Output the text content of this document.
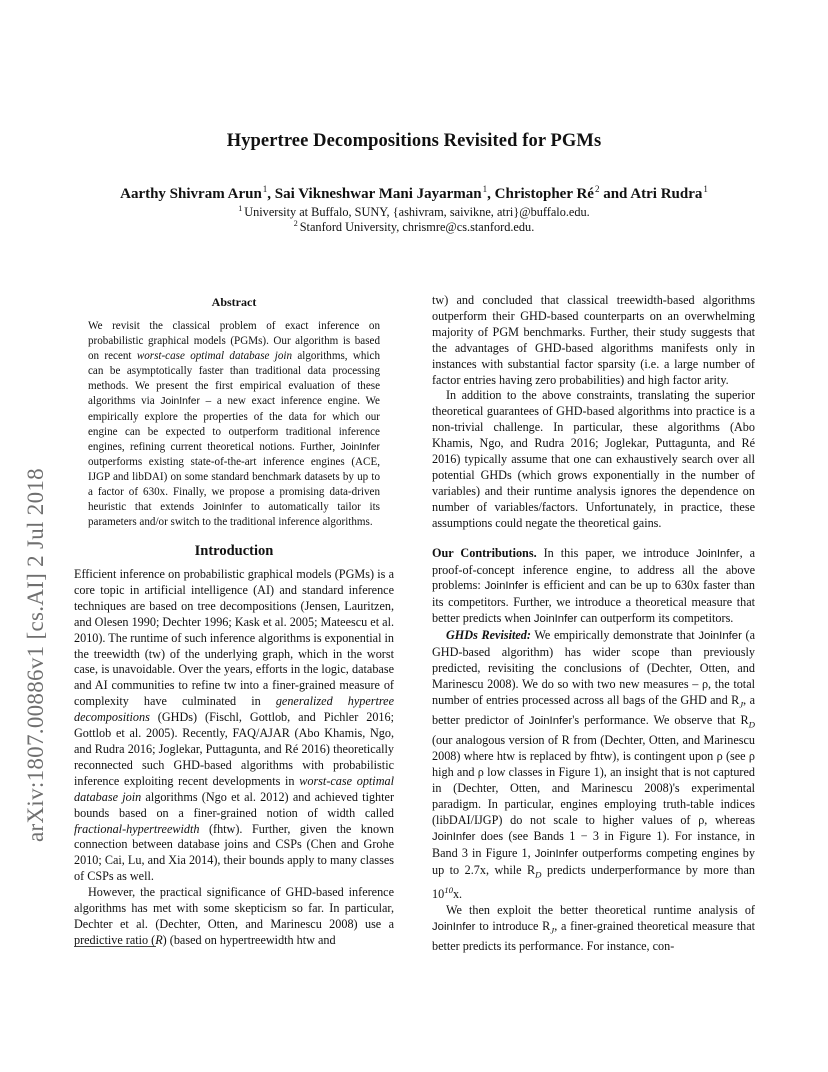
arXiv:1807.00886v1 [cs.AI] 2 Jul 2018
Hypertree Decompositions Revisited for PGMs
Aarthy Shivram Arun$^1$, Sai Vikneshwar Mani Jayarman$^1$, Christopher $Ré^2$ and Atri Rudra$^1$
$^1$ University at Buffalo, SUNY, {ashivram, saivikne, atri}@buffalo.edu.
$^2$ Stanford University, chrismre@cs.stanford.edu.
Abstract
We revisit the classical problem of exact inference on probabilistic graphical models (PGMs). Our algorithm is based on recent worst-case optimal database join algorithms, which can be asymptotically faster than traditional data processing methods. We present the first empirical evaluation of these algorithms via JoinInfer – a new exact inference engine. We empirically explore the properties of the data for which our engine can be expected to outperform traditional inference engines, refining current theoretical notions. Further, JoinInfer outperforms existing state-of-the-art inference engines (ACE, IJGP and libDAI) on some standard benchmark datasets by up to a factor of 630x. Finally, we propose a promising data-driven heuristic that extends JoinInfer to automatically tailor its parameters and/or switch to the traditional inference algorithms.
Introduction

Efficient inference on probabilistic graphical models (PGMs) is a core topic in artificial intelligence (AI) and standard inference techniques are based on tree decompositions (Jensen, Lauritzen, and Olesen 1990; Dechter 1996; Kask et al. 2005; Mateescu et al. 2010). The runtime of such inference algorithms is exponential in the treewidth (tw) of the underlying graph, which in the worst case, is unavoidable. Over the years, efforts in the logic, database and AI communities to refine tw into a finer-grained measure of complexity have culminated in generalized hypertree decompositions (GHDs) (Fischl, Gottlob, and Pichler 2016; Gottlob et al. 2005). Recently, FAQ/AJAR (Abo Khamis, Ngo, and Rudra 2016; Joglekar, Puttagunta, and Ré 2016) theoretically reconnected such GHD-based algorithms with probabilistic inference exploiting recent developments in worst-case optimal database join algorithms (Ngo et al. 2012) and achieved tighter bounds based on a finer-grained notion of width called fractional-hypertreewidth (fhtw). Further, given the known connection between database joins and CSPs (Chen and Grohe 2010; Cai, Lu, and Xia 2014), their bounds apply to many classes of CSPs as well.

However, the practical significance of GHD-based inference algorithms has met with some skepticism so far. In particular, Dechter et al. (Dechter, Otten, and Marinescu 2008) use a predictive ratio (R) (based on hypertreewidth htw and

tw) and concluded that classical treewidth-based algorithms outperform their GHD-based counterparts on an overwhelming majority of PGM benchmarks. Further, their study suggests that the advantages of GHD-based algorithms manifests only in instances with substantial factor sparsity (i.e. a large number of factor entries having zero probabilities) and high factor arity.

In addition to the above constraints, translating the superior theoretical guarantees of GHD-based algorithms into practice is a non-trivial challenge. In particular, these algorithms (Abo Khamis, Ngo, and Rudra 2016; Joglekar, Puttagunta, and Ré 2016) typically assume that one can exhaustively search over all potential GHDs (which grows exponentially in the number of variables) and their runtime analysis ignores the dependence on number of variables/factors. Unfortunately, in practice, these assumptions could negate the theoretical gains.

Our Contributions. In this paper, we introduce JoinInfer, a proof-of-concept inference engine, to address all the above problems: JoinInfer is efficient and can be up to 630x faster than its competitors. Further, we introduce a theoretical measure that better predicts when JoinInfer can outperform its competitors.

GHDs Revisited: We empirically demonstrate that JoinInfer (a GHD-based algorithm) has wider scope than previously predicted, revisiting the conclusions of (Dechter, Otten, and Marinescu 2008). We do so with two new measures – ρ, the total number of entries processed across all bags of the GHD and $R_J$, a better predictor of JoinInfer's performance. We observe that $R_D$ (our analogous version of R from (Dechter, Otten, and Marinescu 2008) where htw is replaced by fhtw), is contingent upon ρ (see ρ high and ρ low classes in Figure 1), an insight that is not captured in (Dechter, Otten, and Marinescu 2008)'s experimental paradigm. In particular, engines employing truth-table indices (libDAI/IJGP) do not scale to higher values of ρ, whereas JoinInfer does (see Bands 1 − 3 in Figure 1). For instance, in Band 3 in Figure 1, JoinInfer outperforms competing engines by up to 2.7x, while $R_D$ predicts underperformance by more than $10^{10}x$.

We then exploit the better theoretical runtime analysis of JoinInfer to introduce $R_J$, a finer-grained theoretical measure that better predicts its performance. For instance, con-
